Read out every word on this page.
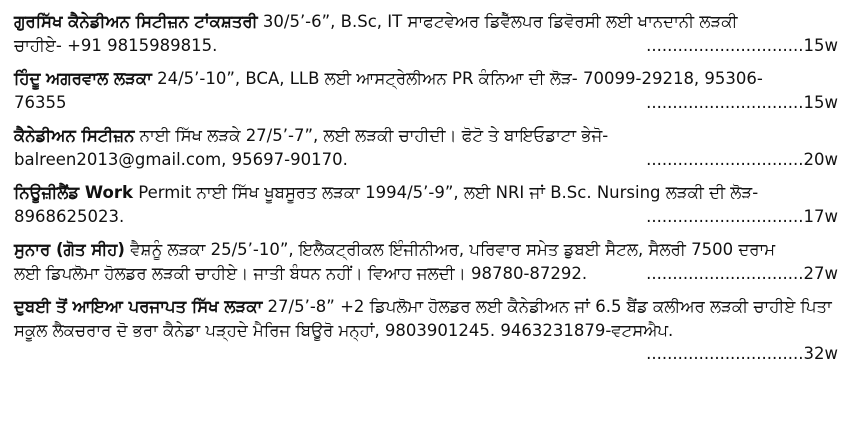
ਗੁਰਸਿੱਖ ਕੈਨੇਡੀਅਨ ਸਿਟੀਜ਼ਨ ਟਾਂਕਸ਼ਤਰੀ 30/5’-6”, B.Sc, IT ਸਾਫਟਵੇਅਰ ਡਿਵੈੱਲਪਰ ਡਿਵੋਰਸੀ ਲਈ ਖਾਨਦਾਨੀ ਲੜਕੀ

ਚਾਹੀਏ- +91 9815989815.	..............................15w

ਹਿੰਦੂ ਅਗਰਵਾਲ ਲੜਕਾ 24/5’-10”, BCA, LLB ਲਈ ਆਸਟ੍ਰੇਲੀਅਨ PR ਕੰਨਿਆ ਦੀ ਲੋੜ- 70099-29218, 95306-

76355	..............................15w

ਕੈਨੇਡੀਅਨ ਸਿਟੀਜ਼ਨ ਨਾਈ ਸਿੱਖ ਲੜਕੇ 27/5’-7”, ਲਈ ਲੜਕੀ ਚਾਹੀਦੀ। ਫੋਟੋ ਤੇ ਬਾਇਓਡਾਟਾ ਭੇਜੋ-

balreen2013@gmail.com, 95697-90170.	..............................20w

ਨਿਊਜ਼ੀਲੈਂਡ Work Permit ਨਾਈ ਸਿੱਖ ਖੂਬਸੂਰਤ ਲੜਕਾ 1994/5’-9”, ਲਈ NRI ਜਾਂ B.Sc. Nursing ਲੜਕੀ ਦੀ ਲੋੜ-

8968625023.	..............................17w

ਸੁਨਾਰ (ਗੋਤ ਸੀਹ) ਵੈਸ਼ਨੂੰ ਲੜਕਾ 25/5’-10”, ਇਲੈਕਟ੍ਰੀਕਲ ਇੰਜੀਨੀਅਰ, ਪਰਿਵਾਰ ਸਮੇਤ ਡੁਬਈ ਸੈਟਲ, ਸੈਲਰੀ 7500 ਦਰਾਮ

ਲਈ ਡਿਪਲੋਮਾ ਹੋਲਡਰ ਲੜਕੀ ਚਾਹੀਏ। ਜਾਤੀ ਬੰਧਨ ਨਹੀਂ। ਵਿਆਹ ਜਲਦੀ। 98780-87292.	..............................27w

ਦੁਬਈ ਤੋਂ ਆਇਆ ਪਰਜਾਪਤ ਸਿੱਖ ਲੜਕਾ 27/5’-8” +2 ਡਿਪਲੋਮਾ ਹੋਲਡਰ ਲਈ ਕੈਨੇਡੀਅਨ ਜਾਂ 6.5 ਬੈਂਡ ਕਲੀਅਰ ਲੜਕੀ ਚਾਹੀਏ ਪਿਤਾ ਸਕੂਲ ਲੈਕਚਰਾਰ ਦੋ ਭਰਾ ਕੈਨੇਡਾ ਪੜ੍ਹਦੇ ਮੈਰਿਜ ਬਿਊਰੋ ਮਨ੍ਹਾਂ, 9803901245. 9463231879-ਵਟਸਐਪ.

..............................32w
